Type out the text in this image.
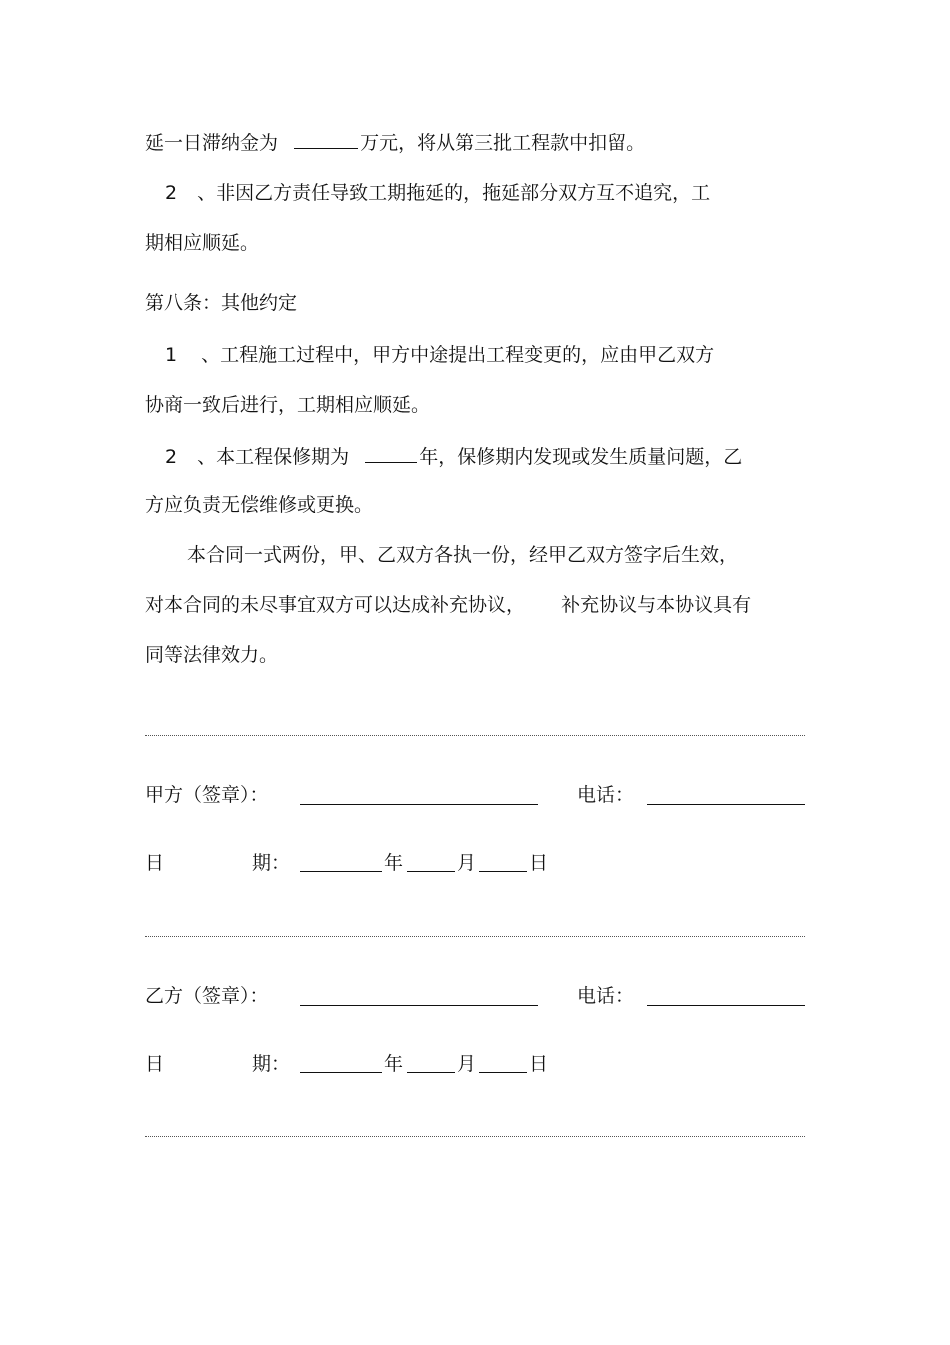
延一日滞纳金为	万元，将从第三批工程款中扣留。
2 、非因乙方责任导致工期拖延的，拖延部分双方互不追究，工
期相应顺延。
第八条：其他约定
1 、工程施工过程中，甲方中途提出工程变更的，应由甲乙双方
协商一致后进行，工期相应顺延。
2 、本工程保修期为	年，保修期内发现或发生质量问题，乙
方应负责无偿维修或更换。
本合同一式两份，甲、乙双方各执一份，经甲乙双方签字后生效，
对本合同的未尽事宜双方可以达成补充协议， 补充协议与本协议具有
同等法律效力。
甲方（签章）：	电话：
日	期：	年	月	日
乙方（签章）：	电话：
日	期：	年	月	日
